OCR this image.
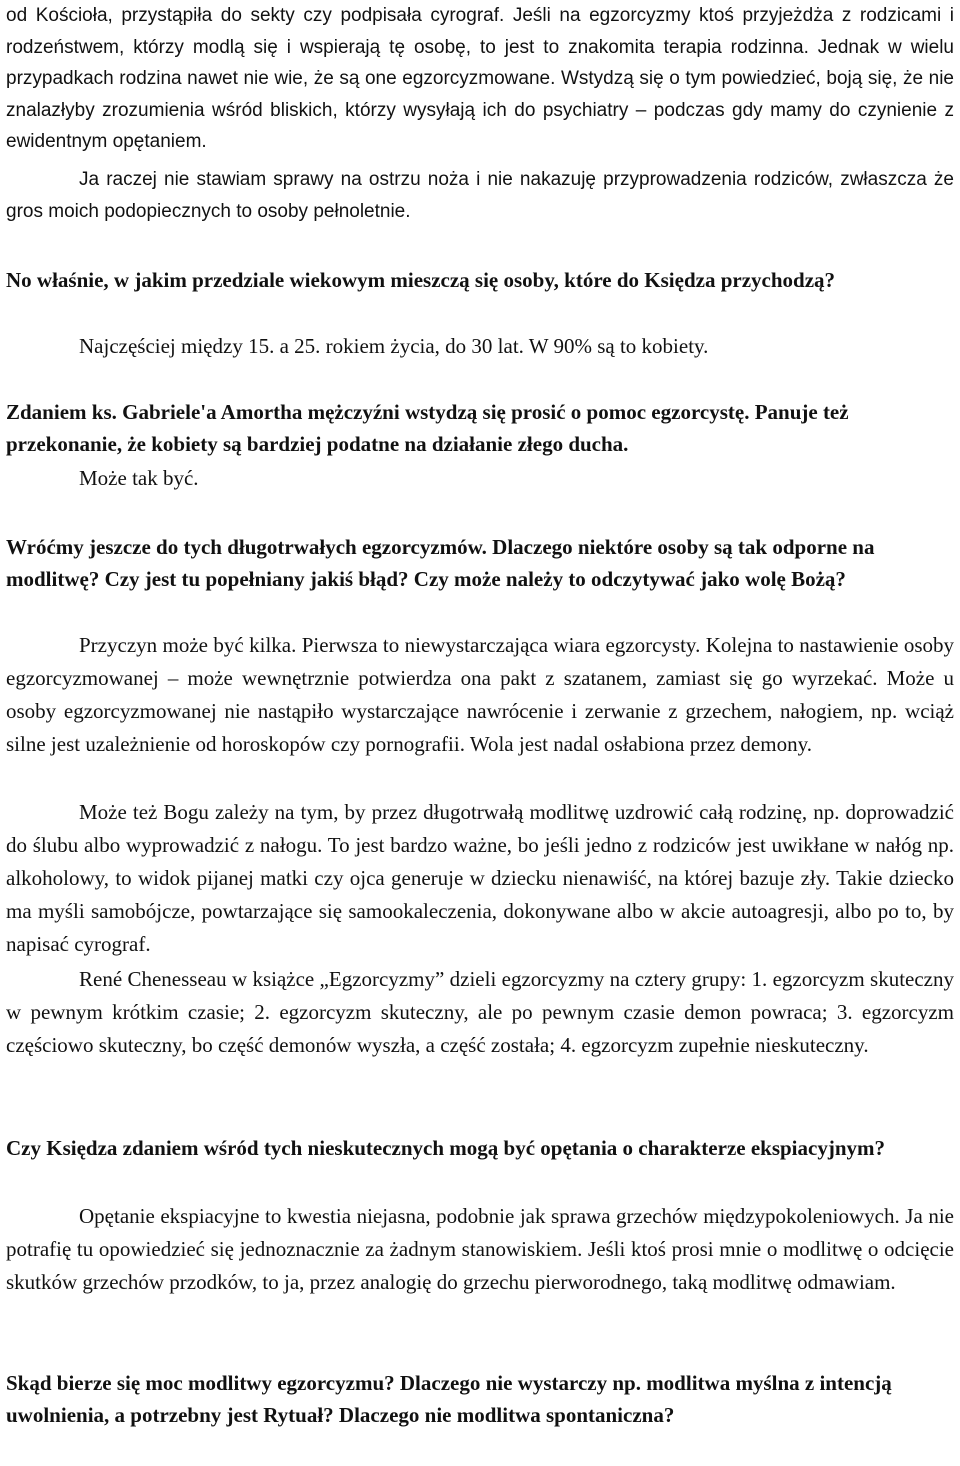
od Kościoła, przystąpiła do sekty czy podpisała cyrograf. Jeśli na egzorcyzmy ktoś przyjeżdża z rodzicami i rodzeństwem, którzy modlą się i wspierają tę osobę, to jest to znakomita terapia rodzinna. Jednak w wielu przypadkach rodzina nawet nie wie, że są one egzorcyzmowane. Wstydzą się o tym powiedzieć, boją się, że nie znalazłyby zrozumienia wśród bliskich, którzy wysyłają ich do psychiatry – podczas gdy mamy do czynienie z ewidentnym opętaniem.
Ja raczej nie stawiam sprawy na ostrzu noża i nie nakazuję przyprowadzenia rodziców, zwłaszcza że gros moich podopiecznych to osoby pełnoletnie.
No właśnie, w jakim przedziale wiekowym mieszczą się osoby, które do Księdza przychodzą?
Najczęściej między 15. a 25. rokiem życia, do 30 lat. W 90% są to kobiety.
Zdaniem ks. Gabriele'a Amortha mężczyźni wstydzą się prosić o pomoc egzorcystę. Panuje też przekonanie, że kobiety są bardziej podatne na działanie złego ducha.
Może tak być.
Wróćmy jeszcze do tych długotrwałych egzorcyzmów. Dlaczego niektóre osoby są tak odporne na modlitwę? Czy jest tu popełniany jakiś błąd? Czy może należy to odczytywać jako wolę Bożą?
Przyczyn może być kilka. Pierwsza to niewystarczająca wiara egzorcysty. Kolejna to nastawienie osoby egzorcyzmowanej – może wewnętrznie potwierdza ona pakt z szatanem, zamiast się go wyrzekać. Może u osoby egzorcyzmowanej nie nastąpiło wystarczające nawrócenie i zerwanie z grzechem, nałogiem, np. wciąż silne jest uzależnienie od horoskopów czy pornografii. Wola jest nadal osłabiona przez demony.
Może też Bogu zależy na tym, by przez długotrwałą modlitwę uzdrowić całą rodzinę, np. doprowadzić do ślubu albo wyprowadzić z nałogu. To jest bardzo ważne, bo jeśli jedno z rodziców jest uwikłane w nałóg np. alkoholowy, to widok pijanej matki czy ojca generuje w dziecku nienawiść, na której bazuje zły. Takie dziecko ma myśli samobójcze, powtarzające się samookaleczenia, dokonywane albo w akcie autoagresji, albo po to, by napisać cyrograf.
René Chenesseau w książce „Egzorcyzmy” dzieli egzorcyzmy na cztery grupy: 1. egzorcyzm skuteczny w pewnym krótkim czasie; 2. egzorcyzm skuteczny, ale po pewnym czasie demon powraca; 3. egzorcyzm częściowo skuteczny, bo część demonów wyszła, a część została; 4. egzorcyzm zupełnie nieskuteczny.
Czy Księdza zdaniem wśród tych nieskutecznych mogą być opętania o charakterze ekspiacyjnym?
Opętanie ekspiacyjne to kwestia niejasna, podobnie jak sprawa grzechów międzypokoleniowych. Ja nie potrafię tu opowiedzieć się jednoznacznie za żadnym stanowiskiem. Jeśli ktoś prosi mnie o modlitwę o odcięcie skutków grzechów przodków, to ja, przez analogię do grzechu pierworodnego, taką modlitwę odmawiam.
Skąd bierze się moc modlitwy egzorcyzmu? Dlaczego nie wystarczy np. modlitwa myślna z intencją uwolnienia, a potrzebny jest Rytuał? Dlaczego nie modlitwa spontaniczna?
